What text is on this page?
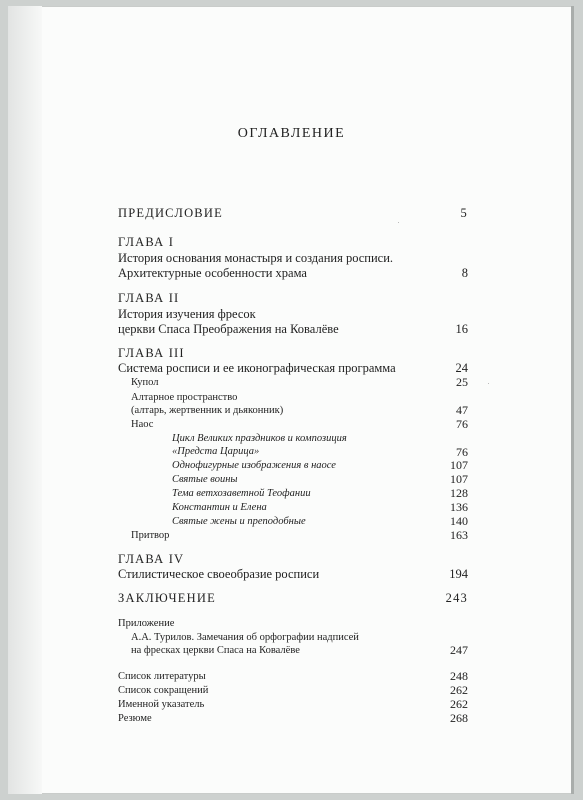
ОГЛАВЛЕНИЕ
ПРЕДИСЛОВИЕ	5
ГЛАВА I
История основания монастыря и создания росписи.
Архитектурные особенности храма	8
ГЛАВА II
История изучения фресок
церкви Спаса Преображения на Ковалёве	16
ГЛАВА III
Система росписи и ее иконографическая программа	24
Купол	25
Алтарное пространство
(алтарь, жертвенник и дьяконник)	47
Наос	76
Цикл Великих праздников и композиция
«Предста Царица»	76
Однофигурные изображения в наосе	107
Святые воины	107
Тема ветхозаветной Теофании	128
Константин и Елена	136
Святые жены и преподобные	140
Притвор	163
ГЛАВА IV
Стилистическое своеобразие росписи	194
ЗАКЛЮЧЕНИЕ	243
Приложение
А.А. Турилов. Замечания об орфографии надписей
на фресках церкви Спаса на Ковалёве	247
Список литературы	248
Список сокращений	262
Именной указатель	262
Резюме	268
